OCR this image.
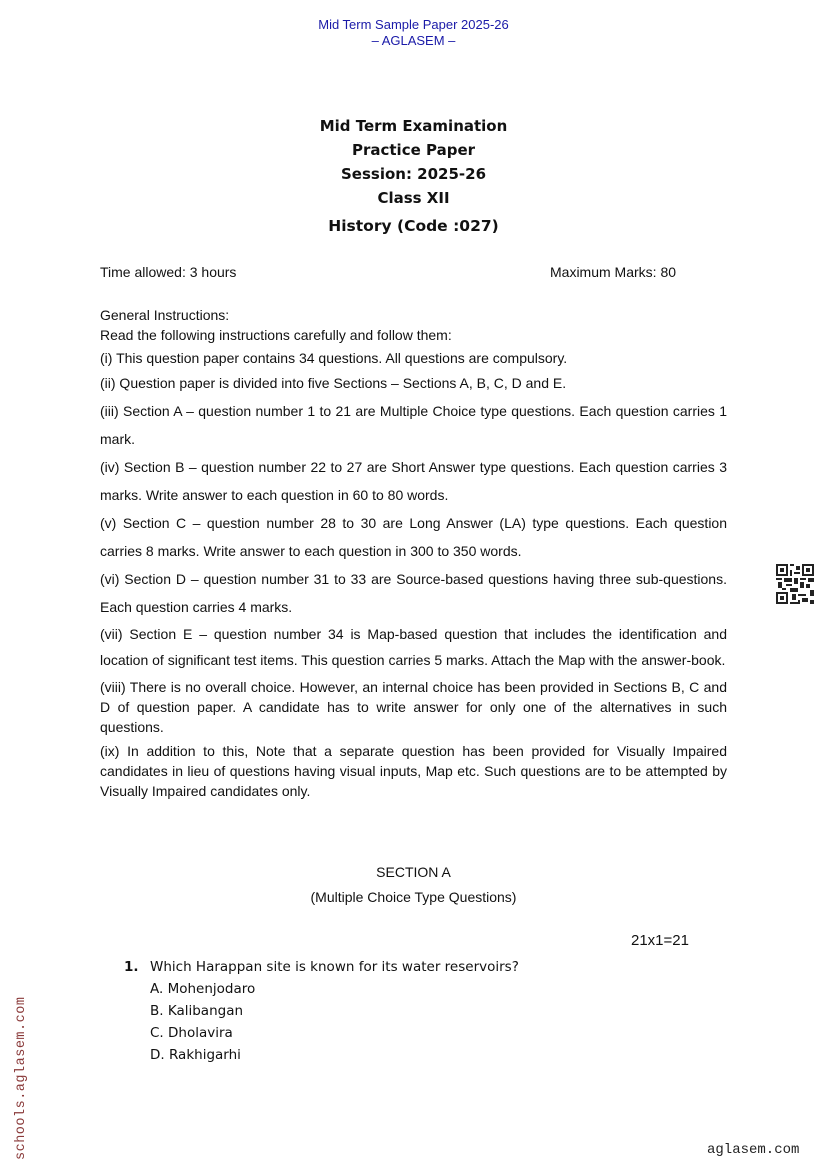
Mid Term Sample Paper 2025-26
– AGLASEM –
Mid Term Examination
Practice Paper
Session: 2025-26
Class XII
History (Code :027)
Time allowed: 3 hours	Maximum Marks: 80

General Instructions:

Read the following instructions carefully and follow them:

(i) This question paper contains 34 questions. All questions are compulsory.

(ii) Question paper is divided into five Sections – Sections A, B, C, D and E.

(iii) Section A – question number 1 to 21 are Multiple Choice type questions. Each question carries 1 mark.

(iv) Section B – question number 22 to 27 are Short Answer type questions. Each question carries 3 marks. Write answer to each question in 60 to 80 words.

(v) Section C – question number 28 to 30 are Long Answer (LA) type questions. Each question carries 8 marks. Write answer to each question in 300 to 350 words.

(vi) Section D – question number 31 to 33 are Source-based questions having three sub-questions. Each question carries 4 marks.

(vii) Section E – question number 34 is Map-based question that includes the identification and location of significant test items. This question carries 5 marks. Attach the Map with the answer-book.

(viii) There is no overall choice. However, an internal choice has been provided in Sections B, C and D of question paper. A candidate has to write answer for only one of the alternatives in such questions.

(ix) In addition to this, Note that a separate question has been provided for Visually Impaired candidates in lieu of questions having visual inputs, Map etc. Such questions are to be attempted by Visually Impaired candidates only.

SECTION A
(Multiple Choice Type Questions)
21x1=21
1. Which Harappan site is known for its water reservoirs?
A. Mohenjodaro
B. Kalibangan
C. Dholavira
D. Rakhigarhi
schools.aglasem.com	aglasem.com
